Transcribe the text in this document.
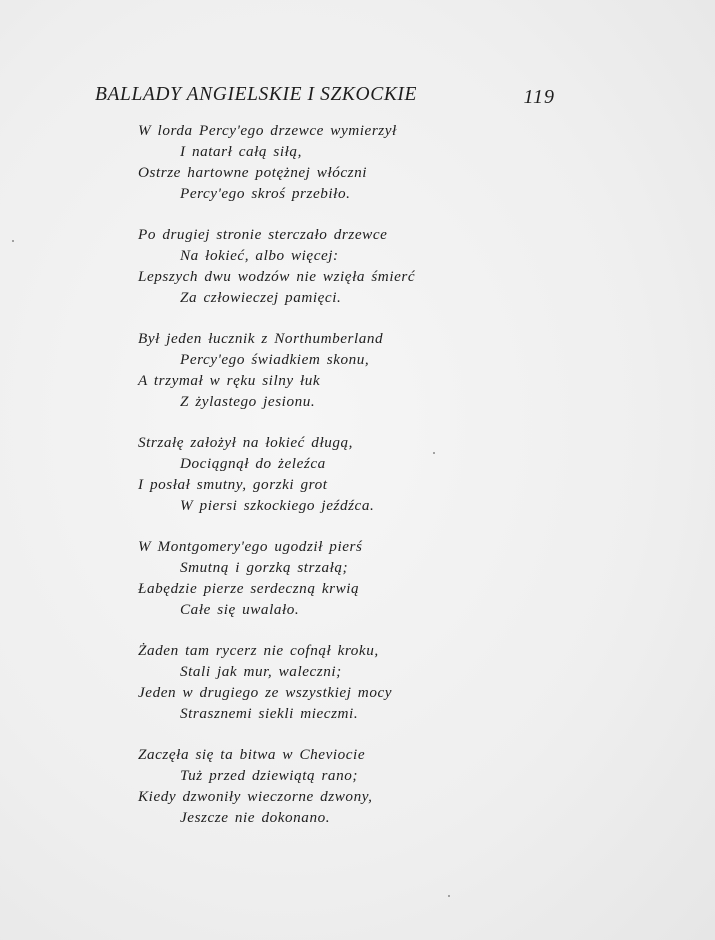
BALLADY ANGIELSKIE I SZKOCKIE	119
W lorda Percy'ego drzewce wymierzył
I natarł całą siłą,
Ostrze hartowne potężnej włóczni
Percy'ego skroś przebiło.
Po drugiej stronie sterczało drzewce
Na łokieć, albo więcej:
Lepszych dwu wodzów nie wzięła śmierć
Za człowieczej pamięci.
Był jeden łucznik z Northumberland
Percy'ego świadkiem skonu,
A trzymał w ręku silny łuk
Z żylastego jesionu.
Strzałę założył na łokieć długą,
Dociągnął do żeleźca
I posłał smutny, gorzki grot
W piersi szkockiego jeźdźca.
W Montgomery'ego ugodził pierś
Smutną i gorzką strzałą;
Łabędzie pierze serdeczną krwią
Całe się uwalało.
Żaden tam rycerz nie cofnął kroku,
Stali jak mur, waleczni;
Jeden w drugiego ze wszystkiej mocy
Strasznemi siekli mieczmi.
Zaczęła się ta bitwa w Cheviocie
Tuż przed dziewiątą rano;
Kiedy dzwoniły wieczorne dzwony,
Jeszcze nie dokonano.
